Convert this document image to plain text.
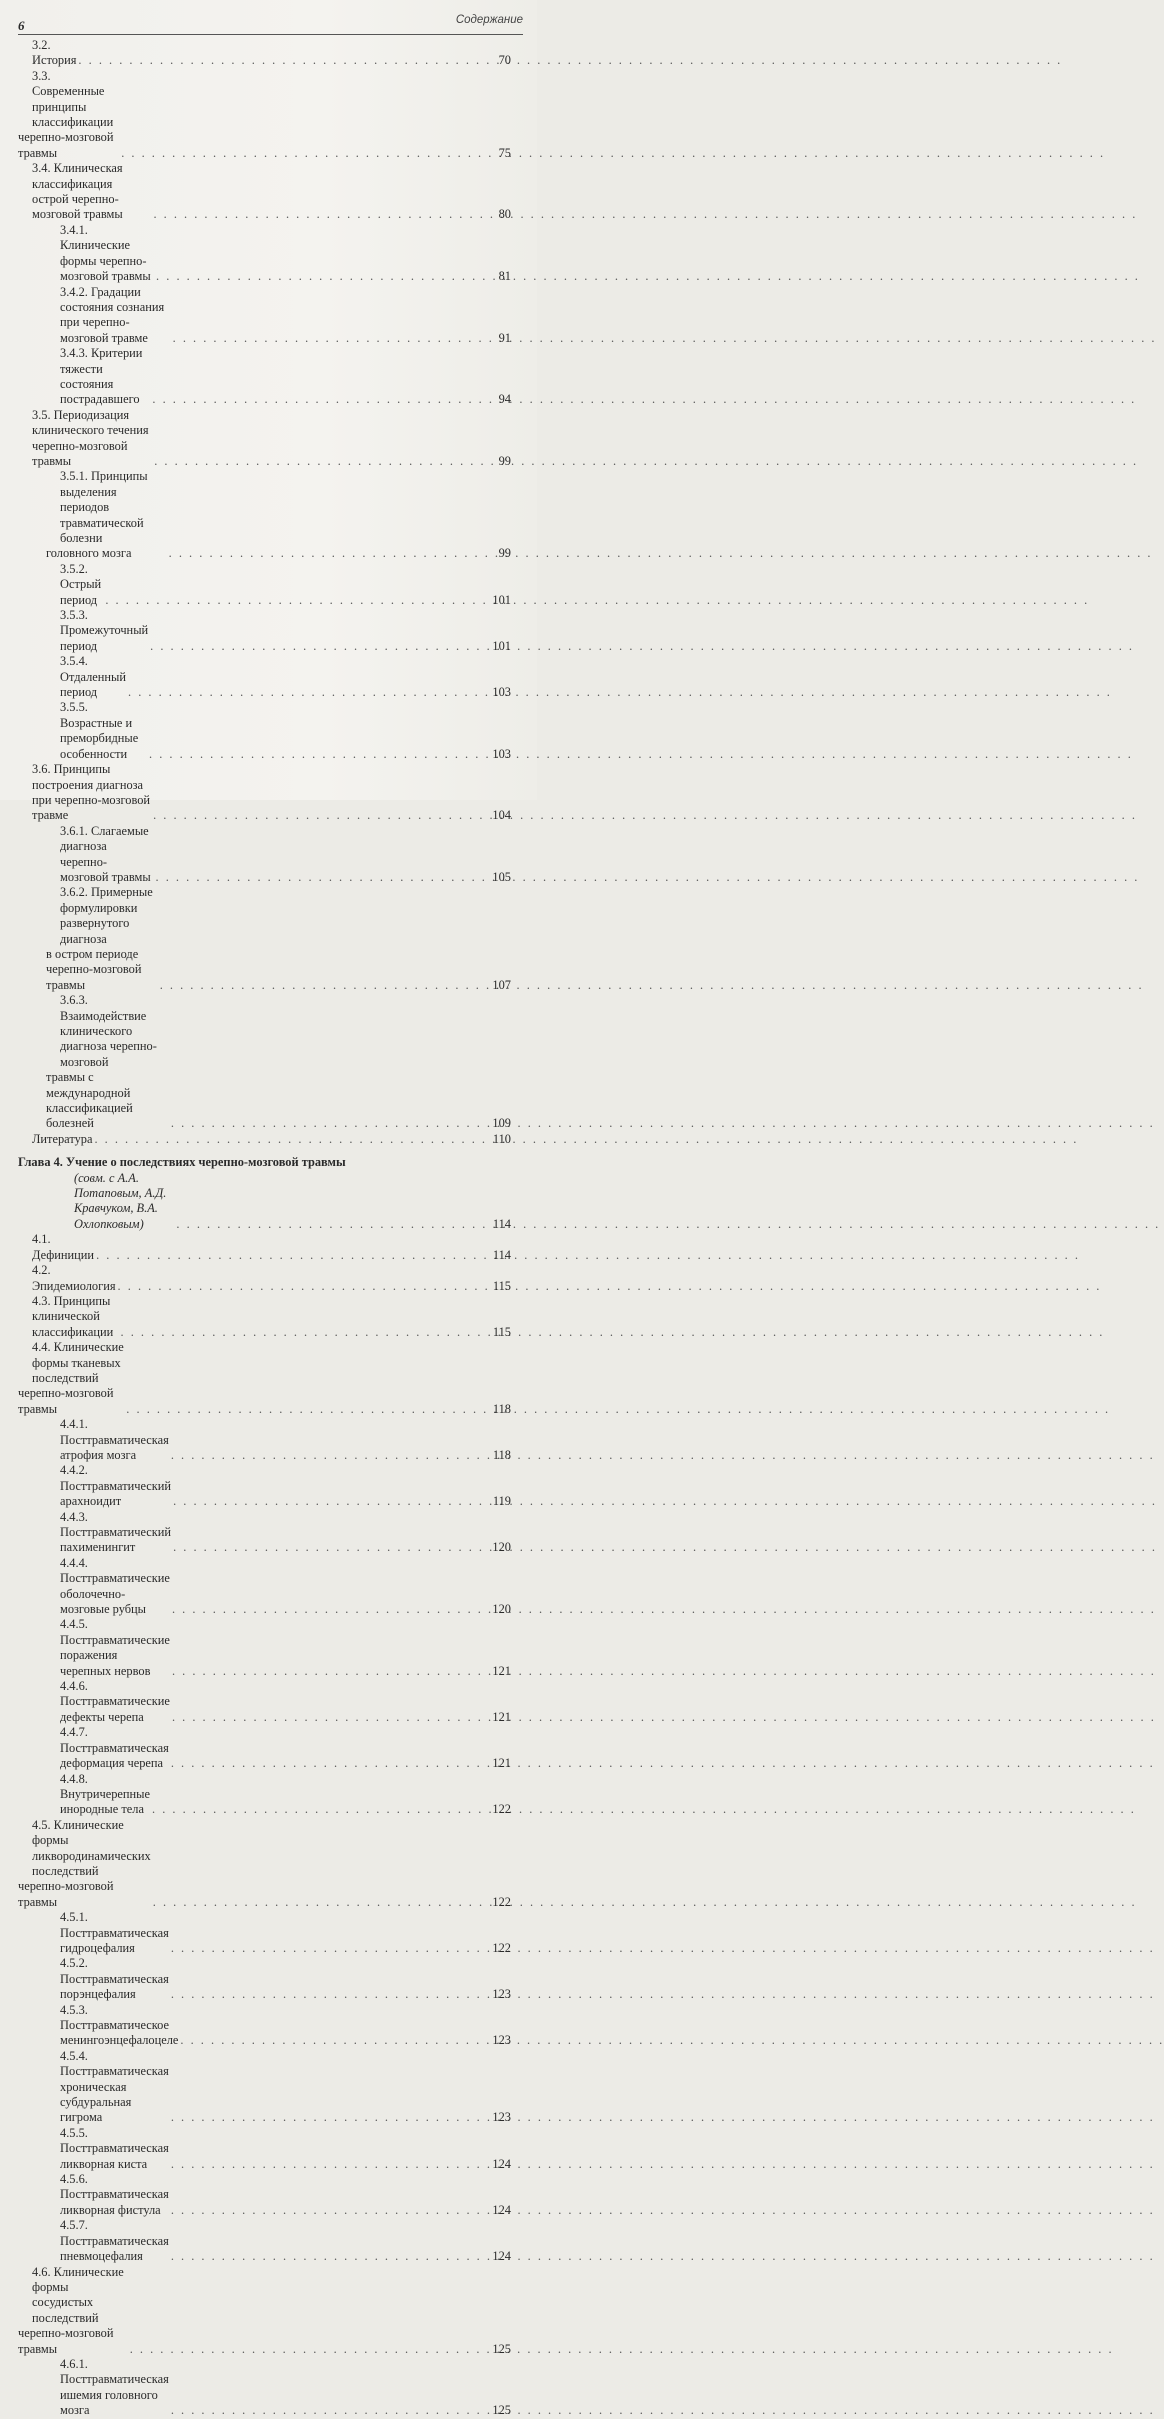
6	Содержание
3.2. История . . .	70
3.3. Современные принципы классификации
черепно-мозговой травмы . . .	75
3.4. Клиническая классификация острой черепно-мозговой травмы . . .	80
3.4.1. Клинические формы черепно-мозговой травмы . . .	81
3.4.2. Градации состояния сознания при черепно-мозговой травме . . .	91
3.4.3. Критерии тяжести состояния пострадавшего . . .	94
3.5. Периодизация клинического течения черепно-мозговой травмы . . .	99
3.5.1. Принципы выделения периодов травматической болезни
головного мозга . . .	99
3.5.2. Острый период . . .	101
3.5.3. Промежуточный период . . .	101
3.5.4. Отдаленный период . . .	103
3.5.5. Возрастные и преморбидные особенности . . .	103
3.6. Принципы построения диагноза при черепно-мозговой травме . . .	104
3.6.1. Слагаемые диагноза черепно-мозговой травмы . . .	105
3.6.2. Примерные формулировки развернутого диагноза
в остром периоде черепно-мозговой травмы . . .	107
3.6.3. Взаимодействие клинического диагноза черепно-мозговой
травмы с международной классификацией болезней . . .	109
Литература . . .	110
Глава 4. Учение о последствиях черепно-мозговой травмы
(совм. с А.А. Потаповым, А.Д. Кравчуком, В.А. Охлопковым) . . .	114
4.1. Дефиниции . . .	114
4.2. Эпидемиология . . .	115
4.3. Принципы клинической классификации . . .	115
4.4. Клинические формы тканевых последствий
черепно-мозговой травмы . . .	118
4.4.1. Посттравматическая атрофия мозга . . .	118
4.4.2. Посттравматический арахноидит . . .	119
4.4.3. Посттравматический пахименингит . . .	120
4.4.4. Посттравматические оболочечно-мозговые рубцы . . .	120
4.4.5. Посттравматические поражения черепных нервов . . .	121
4.4.6. Посттравматические дефекты черепа . . .	121
4.4.7. Посттравматическая деформация черепа . . .	121
4.4.8. Внутричерепные инородные тела . . .	122
4.5. Клинические формы ликвородинамических последствий
черепно-мозговой травмы . . .	122
4.5.1. Посттравматическая гидроцефалия . . .	122
4.5.2. Посттравматическая порэнцефалия . . .	123
4.5.3. Посттравматическое менингоэнцефалоцеле . . .	123
4.5.4. Посттравматическая хроническая субдуральная гигрома . . .	123
4.5.5. Посттравматическая ликворная киста . . .	124
4.5.6. Посттравматическая ликворная фистула . . .	124
4.5.7. Посттравматическая пневмоцефалия . . .	124
4.6. Клинические формы сосудистых последствий
черепно-мозговой травмы . . .	125
4.6.1. Посттравматическая ишемия головного мозга . . .	125
